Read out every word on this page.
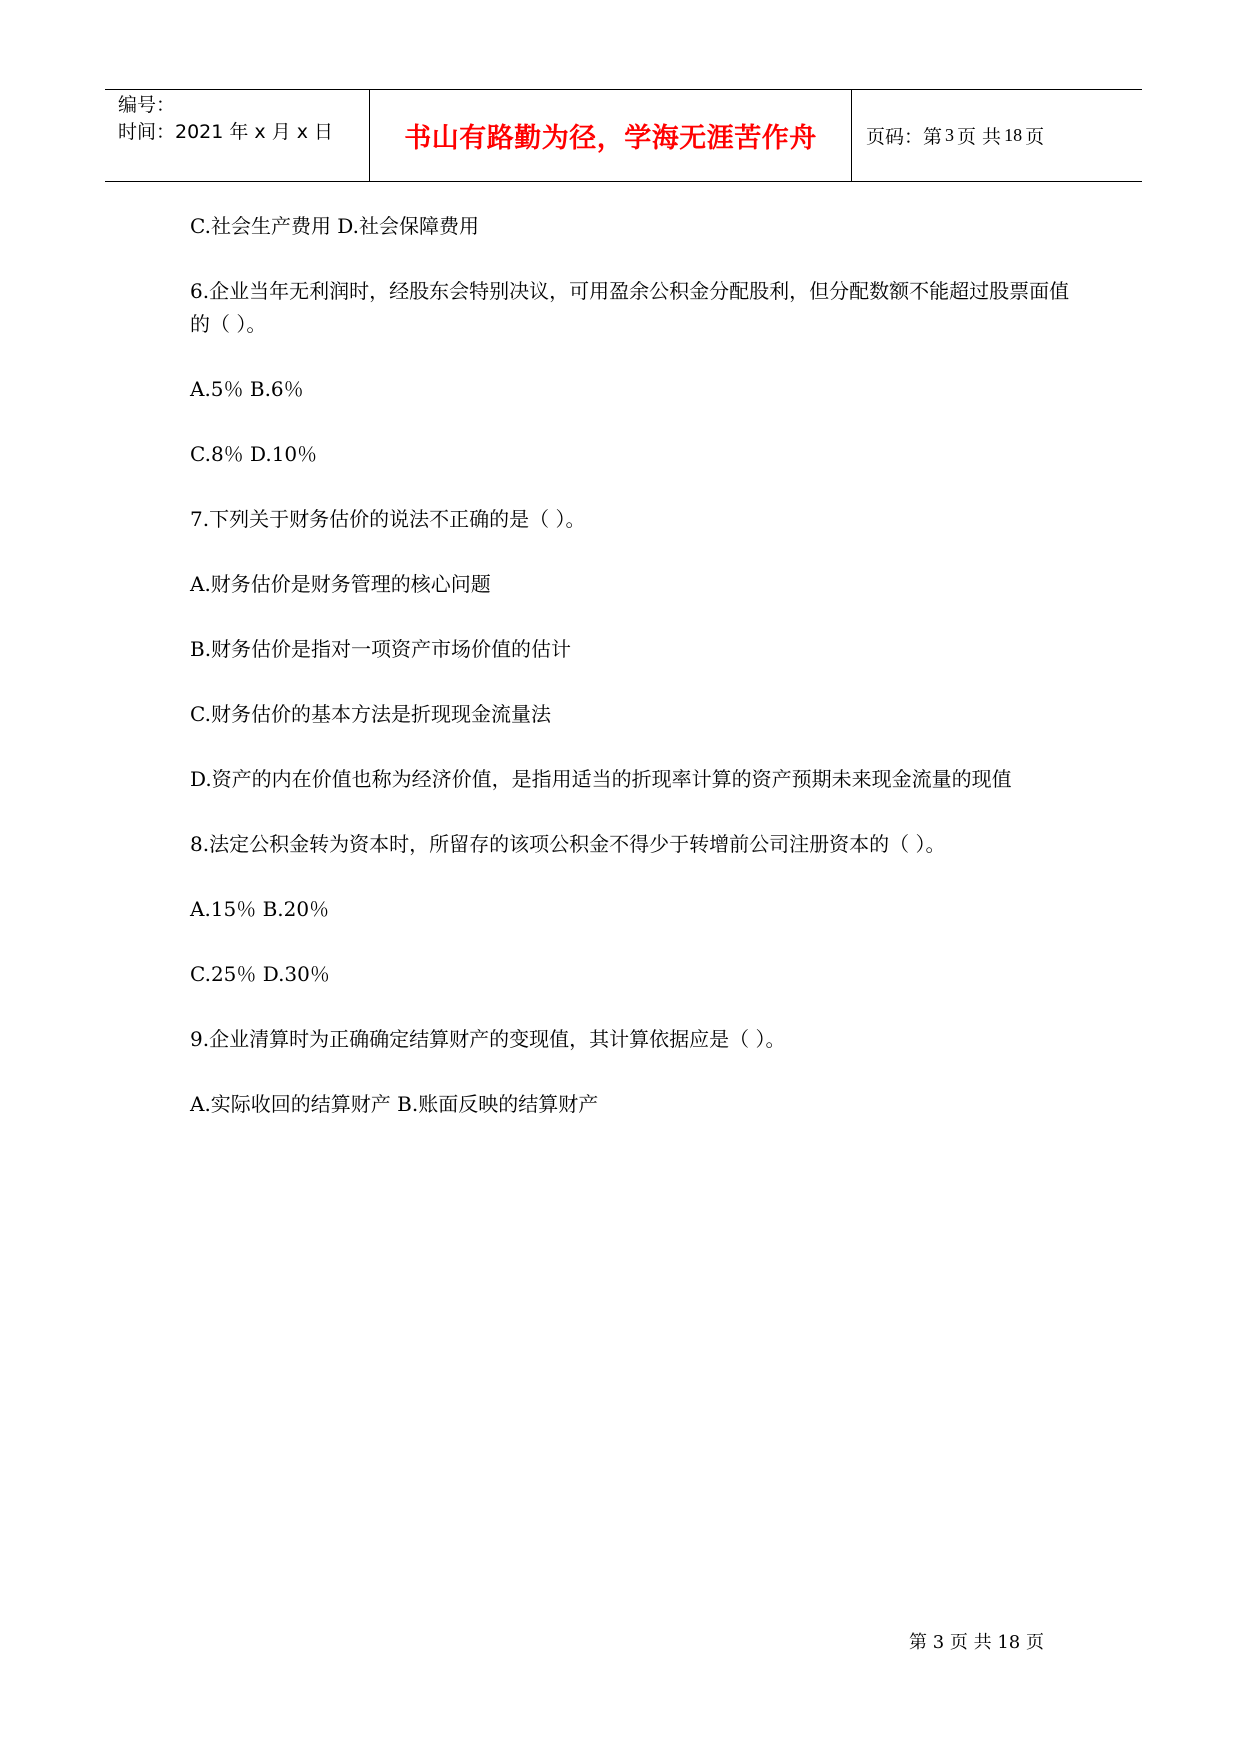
编号：
时间：2021 年 x 月 x 日	书山有路勤为径，学海无涯苦作舟	页码：第 3 页 共 18 页

C.社会生产费用 D.社会保障费用

6.企业当年无利润时，经股东会特别决议，可用盈余公积金分配股利，但分配数额不能超过股票面值的（ ）。

A.5％ B.6％

C.8％ D.10％

7.下列关于财务估价的说法不正确的是（ ）。

A.财务估价是财务管理的核心问题

B.财务估价是指对一项资产市场价值的估计

C.财务估价的基本方法是折现现金流量法

D.资产的内在价值也称为经济价值，是指用适当的折现率计算的资产预期未来现金流量的现值

8.法定公积金转为资本时，所留存的该项公积金不得少于转增前公司注册资本的（ ）。

A.15％ B.20％

C.25％ D.30％

9.企业清算时为正确确定结算财产的变现值，其计算依据应是（ ）。

A.实际收回的结算财产 B.账面反映的结算财产

第 3 页 共 18 页
